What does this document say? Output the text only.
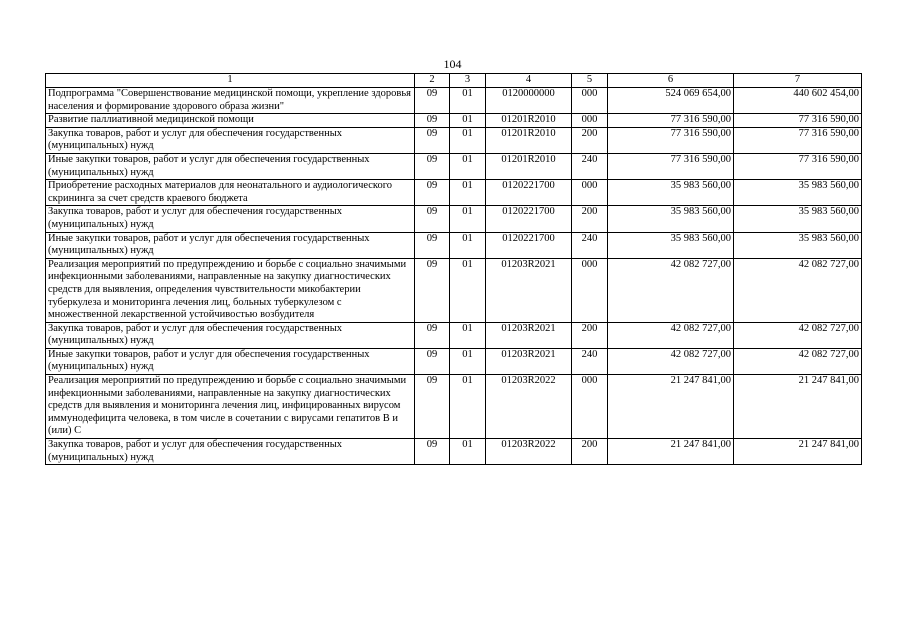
104
1	2	3	4	5	6	7
Подпрограмма "Совершенствование медицинской помощи, укрепление здоровья населения и формирование здорового образа жизни"	09	01	0120000000	000	524 069 654,00	440 602 454,00
Развитие паллиативной медицинской помощи	09	01	01201R2010	000	77 316 590,00	77 316 590,00
Закупка товаров, работ и услуг для обеспечения государственных (муниципальных) нужд	09	01	01201R2010	200	77 316 590,00	77 316 590,00
Иные закупки товаров, работ и услуг для обеспечения государственных (муниципальных) нужд	09	01	01201R2010	240	77 316 590,00	77 316 590,00
Приобретение расходных материалов для неонатального и аудиологического скрининга за счет средств краевого бюджета	09	01	0120221700	000	35 983 560,00	35 983 560,00
Закупка товаров, работ и услуг для обеспечения государственных (муниципальных) нужд	09	01	0120221700	200	35 983 560,00	35 983 560,00
Иные закупки товаров, работ и услуг для обеспечения государственных (муниципальных) нужд	09	01	0120221700	240	35 983 560,00	35 983 560,00
Реализация мероприятий по предупреждению и борьбе с социально значимыми инфекционными заболеваниями, направленные на закупку диагностических средств для выявления, определения чувствительности микобактерии туберкулеза и мониторинга лечения лиц, больных туберкулезом с множественной лекарственной устойчивостью возбудителя	09	01	01203R2021	000	42 082 727,00	42 082 727,00
Закупка товаров, работ и услуг для обеспечения государственных (муниципальных) нужд	09	01	01203R2021	200	42 082 727,00	42 082 727,00
Иные закупки товаров, работ и услуг для обеспечения государственных (муниципальных) нужд	09	01	01203R2021	240	42 082 727,00	42 082 727,00
Реализация мероприятий по предупреждению и борьбе с социально значимыми инфекционными заболеваниями, направленные на закупку диагностических средств для выявления и мониторинга лечения лиц, инфицированных вирусом иммунодефицита человека, в том числе в сочетании с вирусами гепатитов В и (или) С	09	01	01203R2022	000	21 247 841,00	21 247 841,00
Закупка товаров, работ и услуг для обеспечения государственных (муниципальных) нужд	09	01	01203R2022	200	21 247 841,00	21 247 841,00
